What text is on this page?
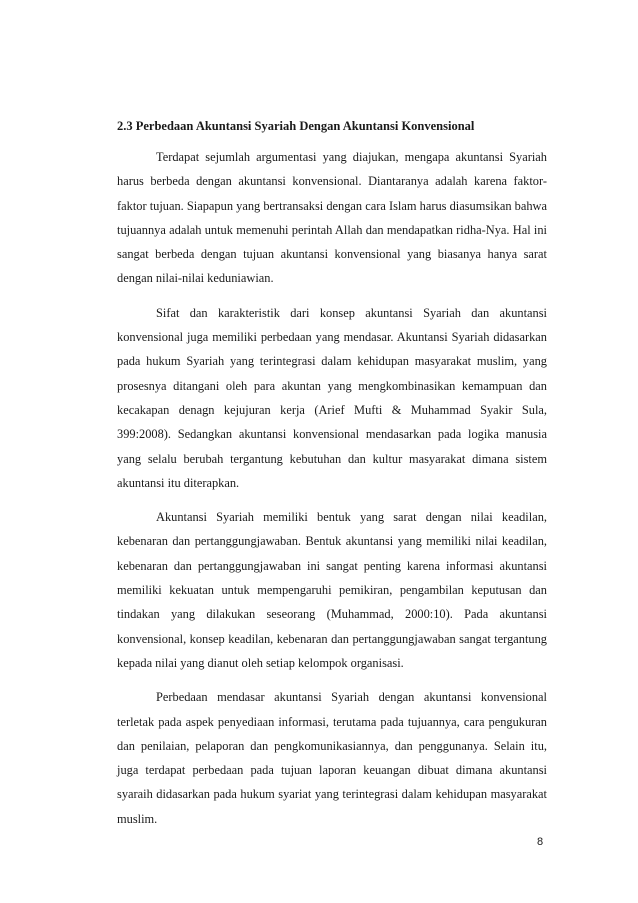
2.3 Perbedaan Akuntansi Syariah Dengan Akuntansi Konvensional

Terdapat sejumlah argumentasi yang diajukan, mengapa akuntansi Syariah harus berbeda dengan akuntansi konvensional. Diantaranya adalah karena faktor-faktor tujuan. Siapapun yang bertransaksi dengan cara Islam harus diasumsikan bahwa tujuannya adalah untuk memenuhi perintah Allah dan mendapatkan ridha-Nya. Hal ini sangat berbeda dengan tujuan akuntansi konvensional yang biasanya hanya sarat dengan nilai-nilai keduniawian.

Sifat dan karakteristik dari konsep akuntansi Syariah dan akuntansi konvensional juga memiliki perbedaan yang mendasar. Akuntansi Syariah didasarkan pada hukum Syariah yang terintegrasi dalam kehidupan masyarakat muslim, yang prosesnya ditangani oleh para akuntan yang mengkombinasikan kemampuan dan kecakapan denagn kejujuran kerja (Arief Mufti & Muhammad Syakir Sula, 399:2008). Sedangkan akuntansi konvensional mendasarkan pada logika manusia yang selalu berubah tergantung kebutuhan dan kultur masyarakat dimana sistem akuntansi itu diterapkan.

Akuntansi Syariah memiliki bentuk yang sarat dengan nilai keadilan, kebenaran dan pertanggungjawaban. Bentuk akuntansi yang memiliki nilai keadilan, kebenaran dan pertanggungjawaban ini sangat penting karena informasi akuntansi memiliki kekuatan untuk mempengaruhi pemikiran, pengambilan keputusan dan tindakan yang dilakukan seseorang (Muhammad, 2000:10). Pada akuntansi konvensional, konsep keadilan, kebenaran dan pertanggungjawaban sangat tergantung kepada nilai yang dianut oleh setiap kelompok organisasi.

Perbedaan mendasar akuntansi Syariah dengan akuntansi konvensional terletak pada aspek penyediaan informasi, terutama pada tujuannya, cara pengukuran dan penilaian, pelaporan dan pengkomunikasiannya, dan penggunanya. Selain itu, juga terdapat perbedaan pada tujuan laporan keuangan dibuat dimana akuntansi syaraih didasarkan pada hukum syariat yang terintegrasi dalam kehidupan masyarakat muslim.

8
